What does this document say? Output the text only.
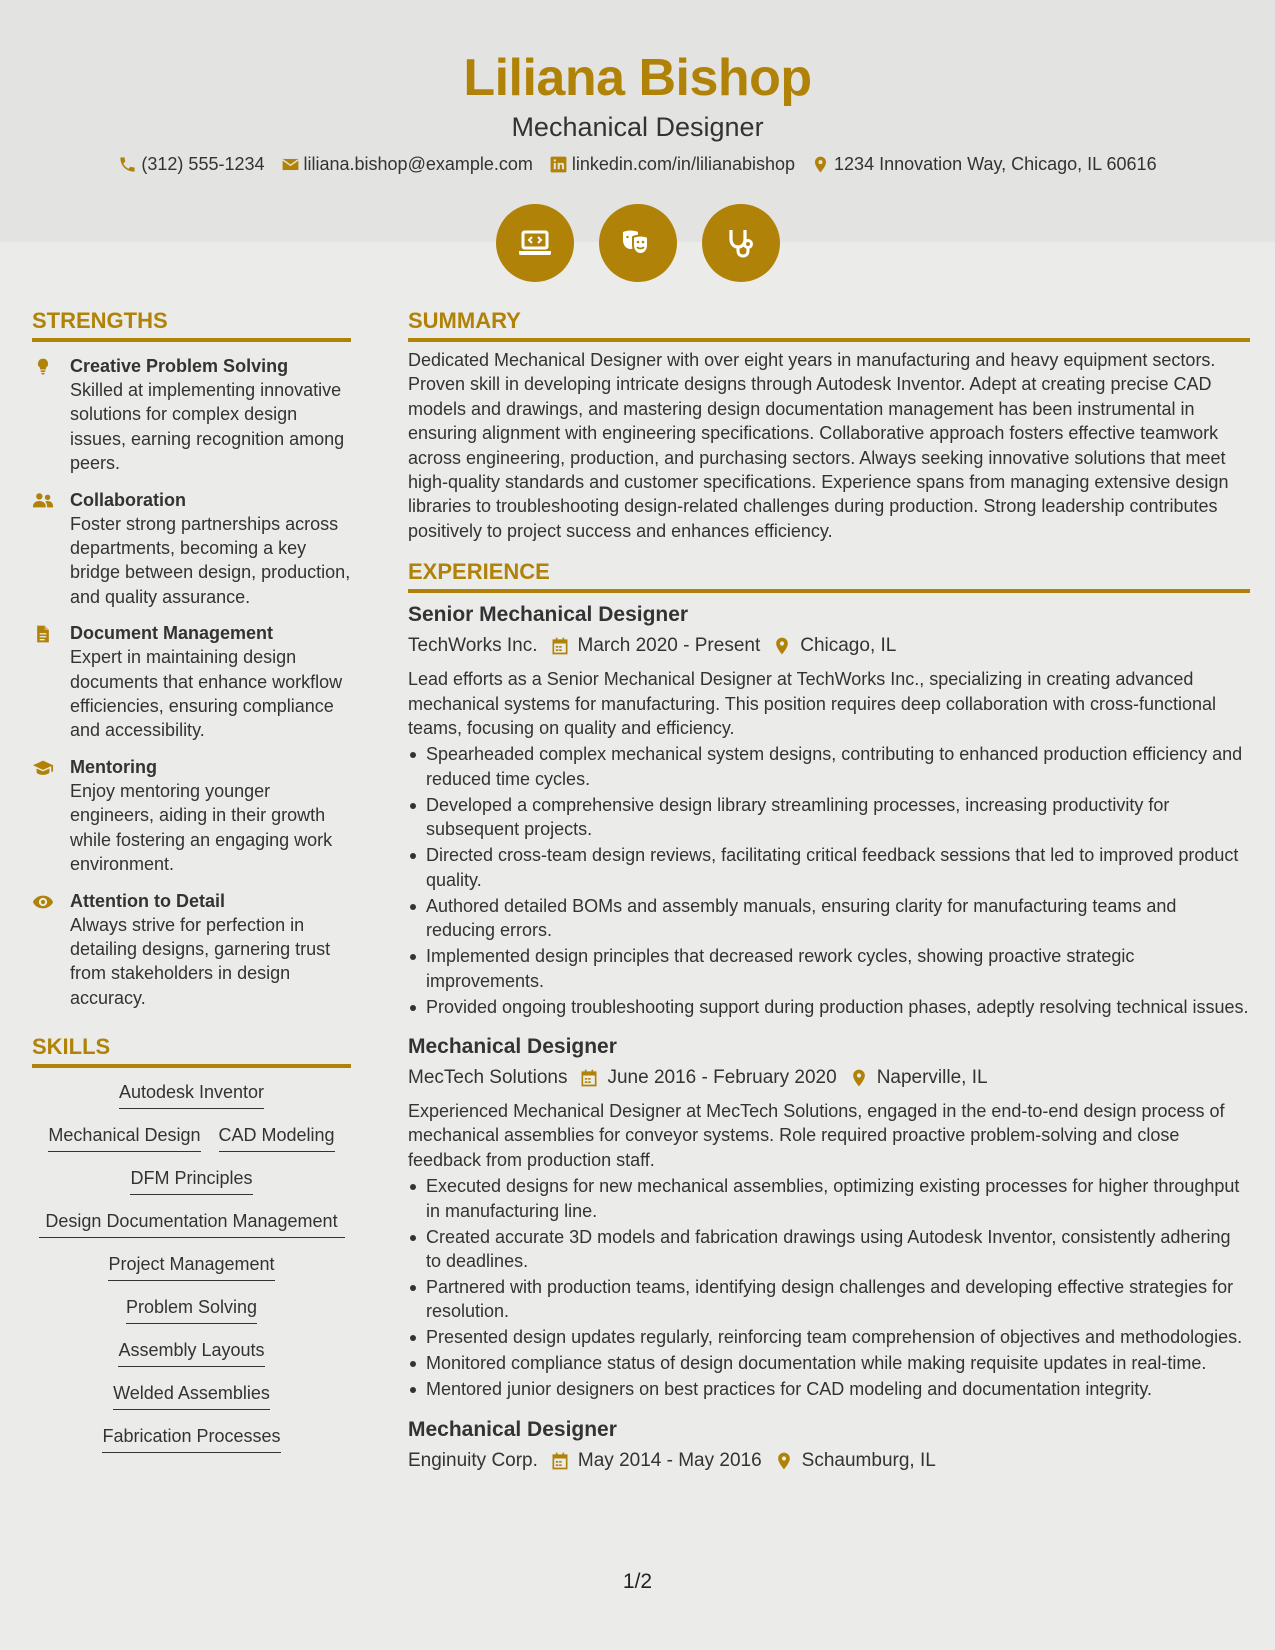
Liliana Bishop
Mechanical Designer
(312) 555-1234 liliana.bishop@example.com linkedin.com/in/lilianabishop 1234 Innovation Way, Chicago, IL 60616
STRENGTHS
Creative Problem Solving
Skilled at implementing innovative solutions for complex design issues, earning recognition among peers.
Collaboration
Foster strong partnerships across departments, becoming a key bridge between design, production, and quality assurance.
Document Management
Expert in maintaining design documents that enhance workflow efficiencies, ensuring compliance and accessibility.
Mentoring
Enjoy mentoring younger engineers, aiding in their growth while fostering an engaging work environment.
Attention to Detail
Always strive for perfection in detailing designs, garnering trust from stakeholders in design accuracy.
SKILLS
Autodesk Inventor
Mechanical Design CAD Modeling
DFM Principles
Design Documentation Management
Project Management
Problem Solving
Assembly Layouts
Welded Assemblies
Fabrication Processes
SUMMARY
Dedicated Mechanical Designer with over eight years in manufacturing and heavy equipment sectors. Proven skill in developing intricate designs through Autodesk Inventor. Adept at creating precise CAD models and drawings, and mastering design documentation management has been instrumental in ensuring alignment with engineering specifications. Collaborative approach fosters effective teamwork across engineering, production, and purchasing sectors. Always seeking innovative solutions that meet high-quality standards and customer specifications. Experience spans from managing extensive design libraries to troubleshooting design-related challenges during production. Strong leadership contributes positively to project success and enhances efficiency.
EXPERIENCE
Senior Mechanical Designer
TechWorks Inc. March 2020 - Present Chicago, IL
Lead efforts as a Senior Mechanical Designer at TechWorks Inc., specializing in creating advanced mechanical systems for manufacturing. This position requires deep collaboration with cross-functional teams, focusing on quality and efficiency.
Spearheaded complex mechanical system designs, contributing to enhanced production efficiency and reduced time cycles.
Developed a comprehensive design library streamlining processes, increasing productivity for subsequent projects.
Directed cross-team design reviews, facilitating critical feedback sessions that led to improved product quality.
Authored detailed BOMs and assembly manuals, ensuring clarity for manufacturing teams and reducing errors.
Implemented design principles that decreased rework cycles, showing proactive strategic improvements.
Provided ongoing troubleshooting support during production phases, adeptly resolving technical issues.
Mechanical Designer
MecTech Solutions June 2016 - February 2020 Naperville, IL
Experienced Mechanical Designer at MecTech Solutions, engaged in the end-to-end design process of mechanical assemblies for conveyor systems. Role required proactive problem-solving and close feedback from production staff.
Executed designs for new mechanical assemblies, optimizing existing processes for higher throughput in manufacturing line.
Created accurate 3D models and fabrication drawings using Autodesk Inventor, consistently adhering to deadlines.
Partnered with production teams, identifying design challenges and developing effective strategies for resolution.
Presented design updates regularly, reinforcing team comprehension of objectives and methodologies.
Monitored compliance status of design documentation while making requisite updates in real-time.
Mentored junior designers on best practices for CAD modeling and documentation integrity.
Mechanical Designer
Enginuity Corp. May 2014 - May 2016 Schaumburg, IL
1/2
